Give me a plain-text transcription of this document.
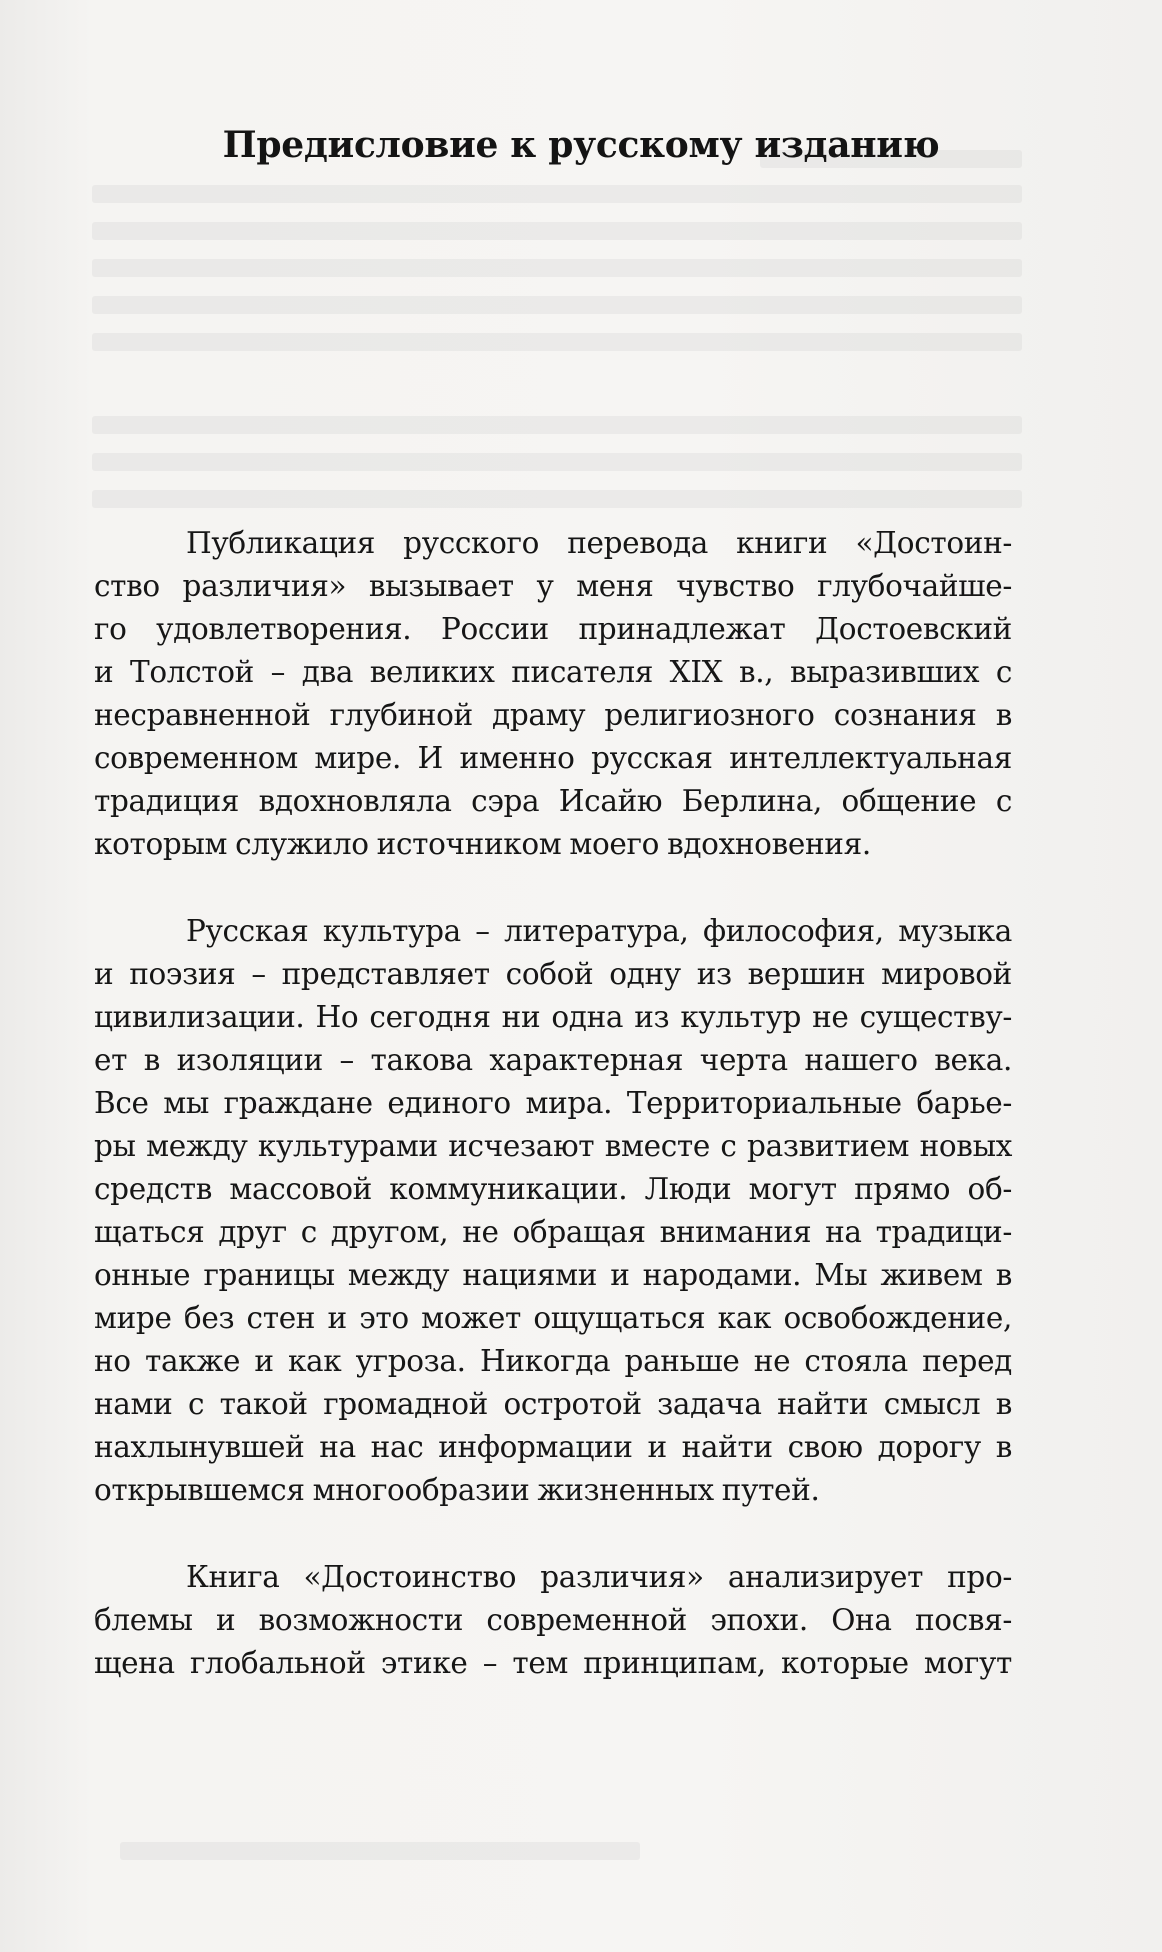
Предисловие к русскому изданию

Публикация русского перевода книги «Достоин-
ство различия» вызывает у меня чувство глубочайше-
го удовлетворения. России принадлежат Достоевский
и Толстой – два великих писателя XIX в., выразивших с
несравненной глубиной драму религиозного сознания в
современном мире. И именно русская интеллектуальная
традиция вдохновляла сэра Исайю Берлина, общение с
которым служило источником моего вдохновения.

Русская культура – литература, философия, музыка
и поэзия – представляет собой одну из вершин мировой
цивилизации. Но сегодня ни одна из культур не существу-
ет в изоляции – такова характерная черта нашего века.
Все мы граждане единого мира. Территориальные барье-
ры между культурами исчезают вместе с развитием новых
средств массовой коммуникации. Люди могут прямо об-
щаться друг с другом, не обращая внимания на традици-
онные границы между нациями и народами. Мы живем в
мире без стен и это может ощущаться как освобождение,
но также и как угроза. Никогда раньше не стояла перед
нами с такой громадной остротой задача найти смысл в
нахлынувшей на нас информации и найти свою дорогу в
открывшемся многообразии жизненных путей.

Книга «Достоинство различия» анализирует про-
блемы и возможности современной эпохи. Она посвя-
щена глобальной этике – тем принципам, которые могут
